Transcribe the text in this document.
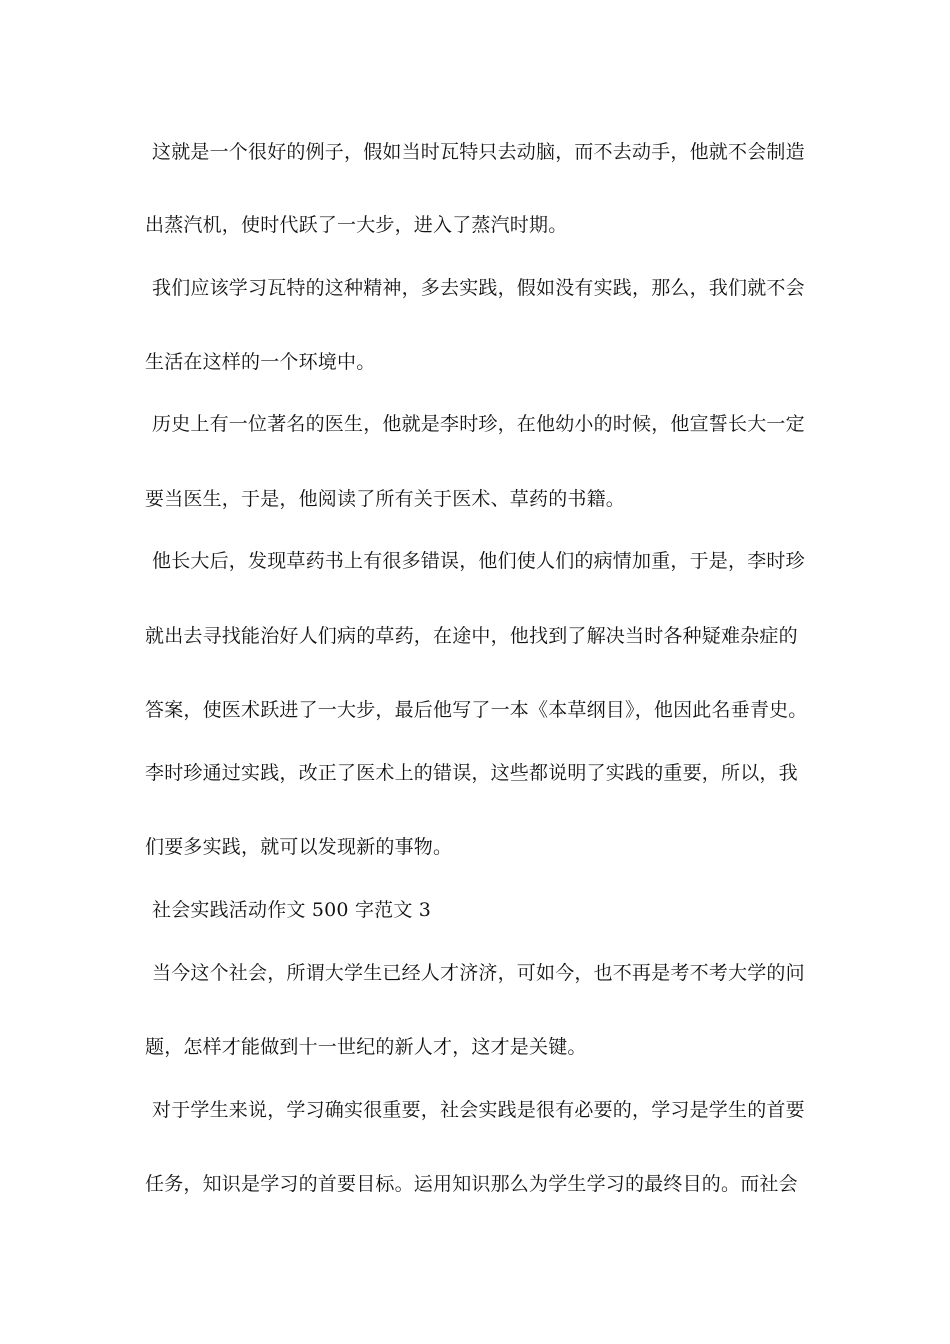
这就是一个很好的例子，假如当时瓦特只去动脑，而不去动手，他就不会制造
出蒸汽机，使时代跃了一大步，进入了蒸汽时期。
我们应该学习瓦特的这种精神，多去实践，假如没有实践，那么，我们就不会
生活在这样的一个环境中。
历史上有一位著名的医生，他就是李时珍，在他幼小的时候，他宣誓长大一定
要当医生，于是，他阅读了所有关于医术、草药的书籍。
他长大后，发现草药书上有很多错误，他们使人们的病情加重，于是，李时珍
就出去寻找能治好人们病的草药，在途中，他找到了解决当时各种疑难杂症的
答案，使医术跃进了一大步，最后他写了一本《本草纲目》，他因此名垂青史。
李时珍通过实践，改正了医术上的错误，这些都说明了实践的重要，所以，我
们要多实践，就可以发现新的事物。
社会实践活动作文 500 字范文 3
当今这个社会，所谓大学生已经人才济济，可如今，也不再是考不考大学的问
题，怎样才能做到十一世纪的新人才，这才是关键。
对于学生来说，学习确实很重要，社会实践是很有必要的，学习是学生的首要
任务，知识是学习的首要目标。运用知识那么为学生学习的最终目的。而社会
